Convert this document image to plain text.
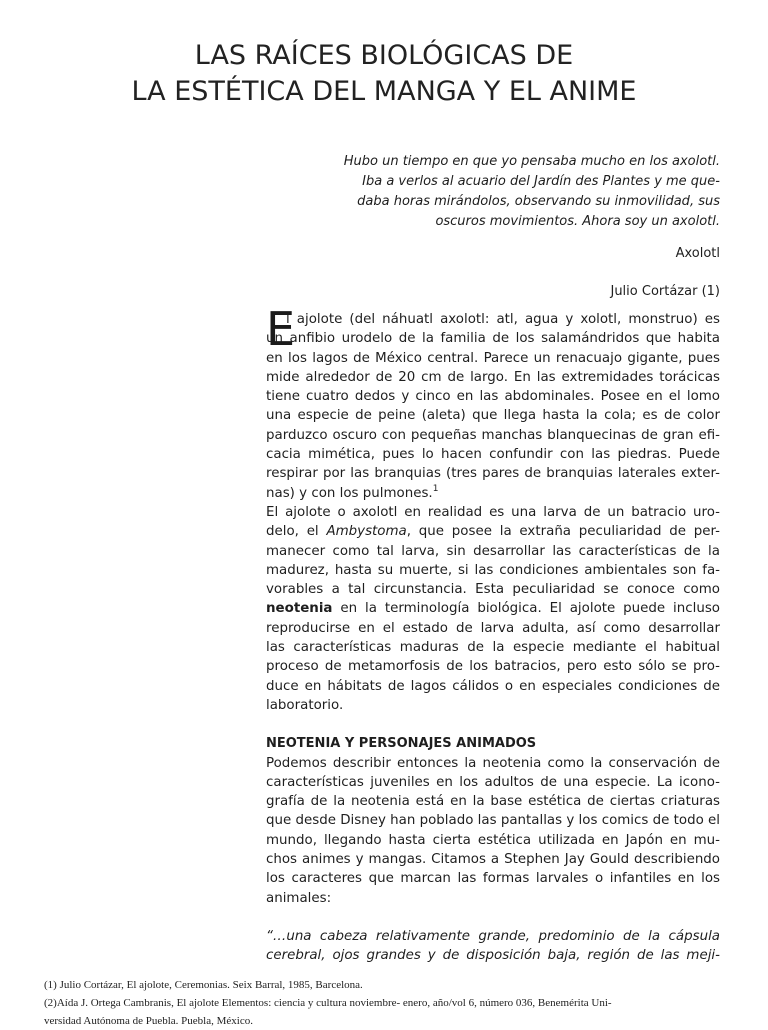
LAS RAÍCES BIOLÓGICAS DE
LA ESTÉTICA DEL MANGA Y EL ANIME
Hubo un tiempo en que yo pensaba mucho en los axolotl.
Iba a verlos al acuario del Jardín des Plantes y me que-
daba horas mirándolos, observando su inmovilidad, sus
oscuros movimientos. Ahora soy un axolotl.
Axolotl
Julio Cortázar (1)
E
l ajolote (del náhuatl axolotl: atl, agua y xolotl, monstruo) es
un anfibio urodelo de la familia de los salamándridos que habita
en los lagos de México central. Parece un renacuajo gigante, pues
mide alrededor de 20 cm de largo. En las extremidades torácicas
tiene cuatro dedos y cinco en las abdominales. Posee en el lomo
una especie de peine (aleta) que llega hasta la cola; es de color
parduzco oscuro con pequeñas manchas blanquecinas de gran efi-
cacia mimética, pues lo hacen confundir con las piedras. Puede
respirar por las branquias (tres pares de branquias laterales exter-
nas) y con los pulmones.$^1$
El ajolote o axolotl en realidad es una larva de un batracio uro-
delo, el Ambystoma, que posee la extraña peculiaridad de per-
manecer como tal larva, sin desarrollar las características de la
madurez, hasta su muerte, si las condiciones ambientales son fa-
vorables a tal circunstancia. Esta peculiaridad se conoce como
neotenia en la terminología biológica. El ajolote puede incluso
reproducirse en el estado de larva adulta, así como desarrollar
las características maduras de la especie mediante el habitual
proceso de metamorfosis de los batracios, pero esto sólo se pro-
duce en hábitats de lagos cálidos o en especiales condiciones de
laboratorio.
NEOTENIA Y PERSONAJES ANIMADOS
Podemos describir entonces la neotenia como la conservación de
características juveniles en los adultos de una especie. La icono-
grafía de la neotenia está en la base estética de ciertas criaturas
que desde Disney han poblado las pantallas y los comics de todo el
mundo, llegando hasta cierta estética utilizada en Japón en mu-
chos animes y mangas. Citamos a Stephen Jay Gould describiendo
los caracteres que marcan las formas larvales o infantiles en los
animales:
“…una cabeza relativamente grande, predominio de la cápsula
cerebral, ojos grandes y de disposición baja, región de las meji-
(1) Julio Cortázar, El ajolote, Ceremonias. Seix Barral, 1985, Barcelona.
(2)Aída J. Ortega Cambranis, El ajolote Elementos: ciencia y cultura noviembre- enero, año/vol 6, número 036, Benemérita Uni-
versidad Autónoma de Puebla. Puebla, México.
